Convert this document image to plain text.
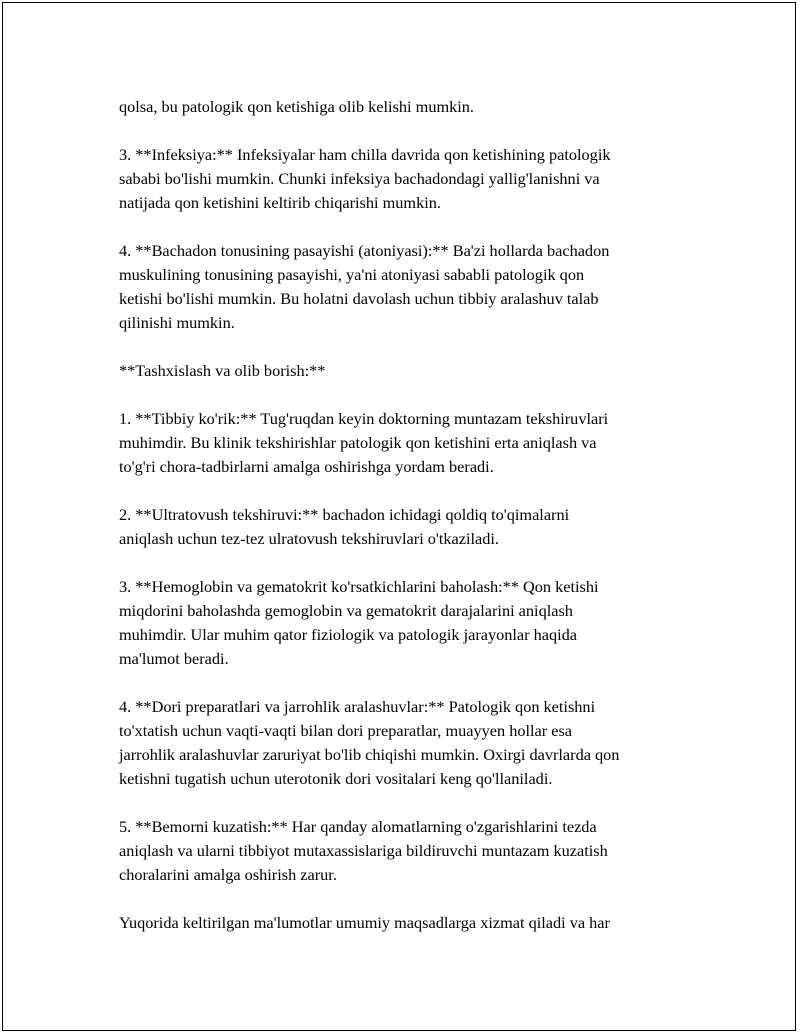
qolsa, bu patologik qon ketishiga olib kelishi mumkin.

3. **Infeksiya:** Infeksiyalar ham chilla davrida qon ketishining patologik
sababi bo'lishi mumkin. Chunki infeksiya bachadondagi yallig'lanishni va
natijada qon ketishini keltirib chiqarishi mumkin.

4. **Bachadon tonusining pasayishi (atoniyasi):** Ba'zi hollarda bachadon
muskulining tonusining pasayishi, ya'ni atoniyasi sababli patologik qon
ketishi bo'lishi mumkin. Bu holatni davolash uchun tibbiy aralashuv talab
qilinishi mumkin.

**Tashxislash va olib borish:**

1. **Tibbiy ko'rik:** Tug'ruqdan keyin doktorning muntazam tekshiruvlari
muhimdir. Bu klinik tekshirishlar patologik qon ketishini erta aniqlash va
to'g'ri chora-tadbirlarni amalga oshirishga yordam beradi.

2. **Ultratovush tekshiruvi:** bachadon ichidagi qoldiq to'qimalarni
aniqlash uchun tez-tez ulratovush tekshiruvlari o'tkaziladi.

3. **Hemoglobin va gematokrit ko'rsatkichlarini baholash:** Qon ketishi
miqdorini baholashda gemoglobin va gematokrit darajalarini aniqlash
muhimdir. Ular muhim qator fiziologik va patologik jarayonlar haqida
ma'lumot beradi.

4. **Dori preparatlari va jarrohlik aralashuvlar:** Patologik qon ketishni
to'xtatish uchun vaqti-vaqti bilan dori preparatlar, muayyen hollar esa
jarrohlik aralashuvlar zaruriyat bo'lib chiqishi mumkin. Oxirgi davrlarda qon
ketishni tugatish uchun uterotonik dori vositalari keng qo'llaniladi.

5. **Bemorni kuzatish:** Har qanday alomatlarning o'zgarishlarini tezda
aniqlash va ularni tibbiyot mutaxassislariga bildiruvchi muntazam kuzatish
choralarini amalga oshirish zarur.

Yuqorida keltirilgan ma'lumotlar umumiy maqsadlarga xizmat qiladi va har
